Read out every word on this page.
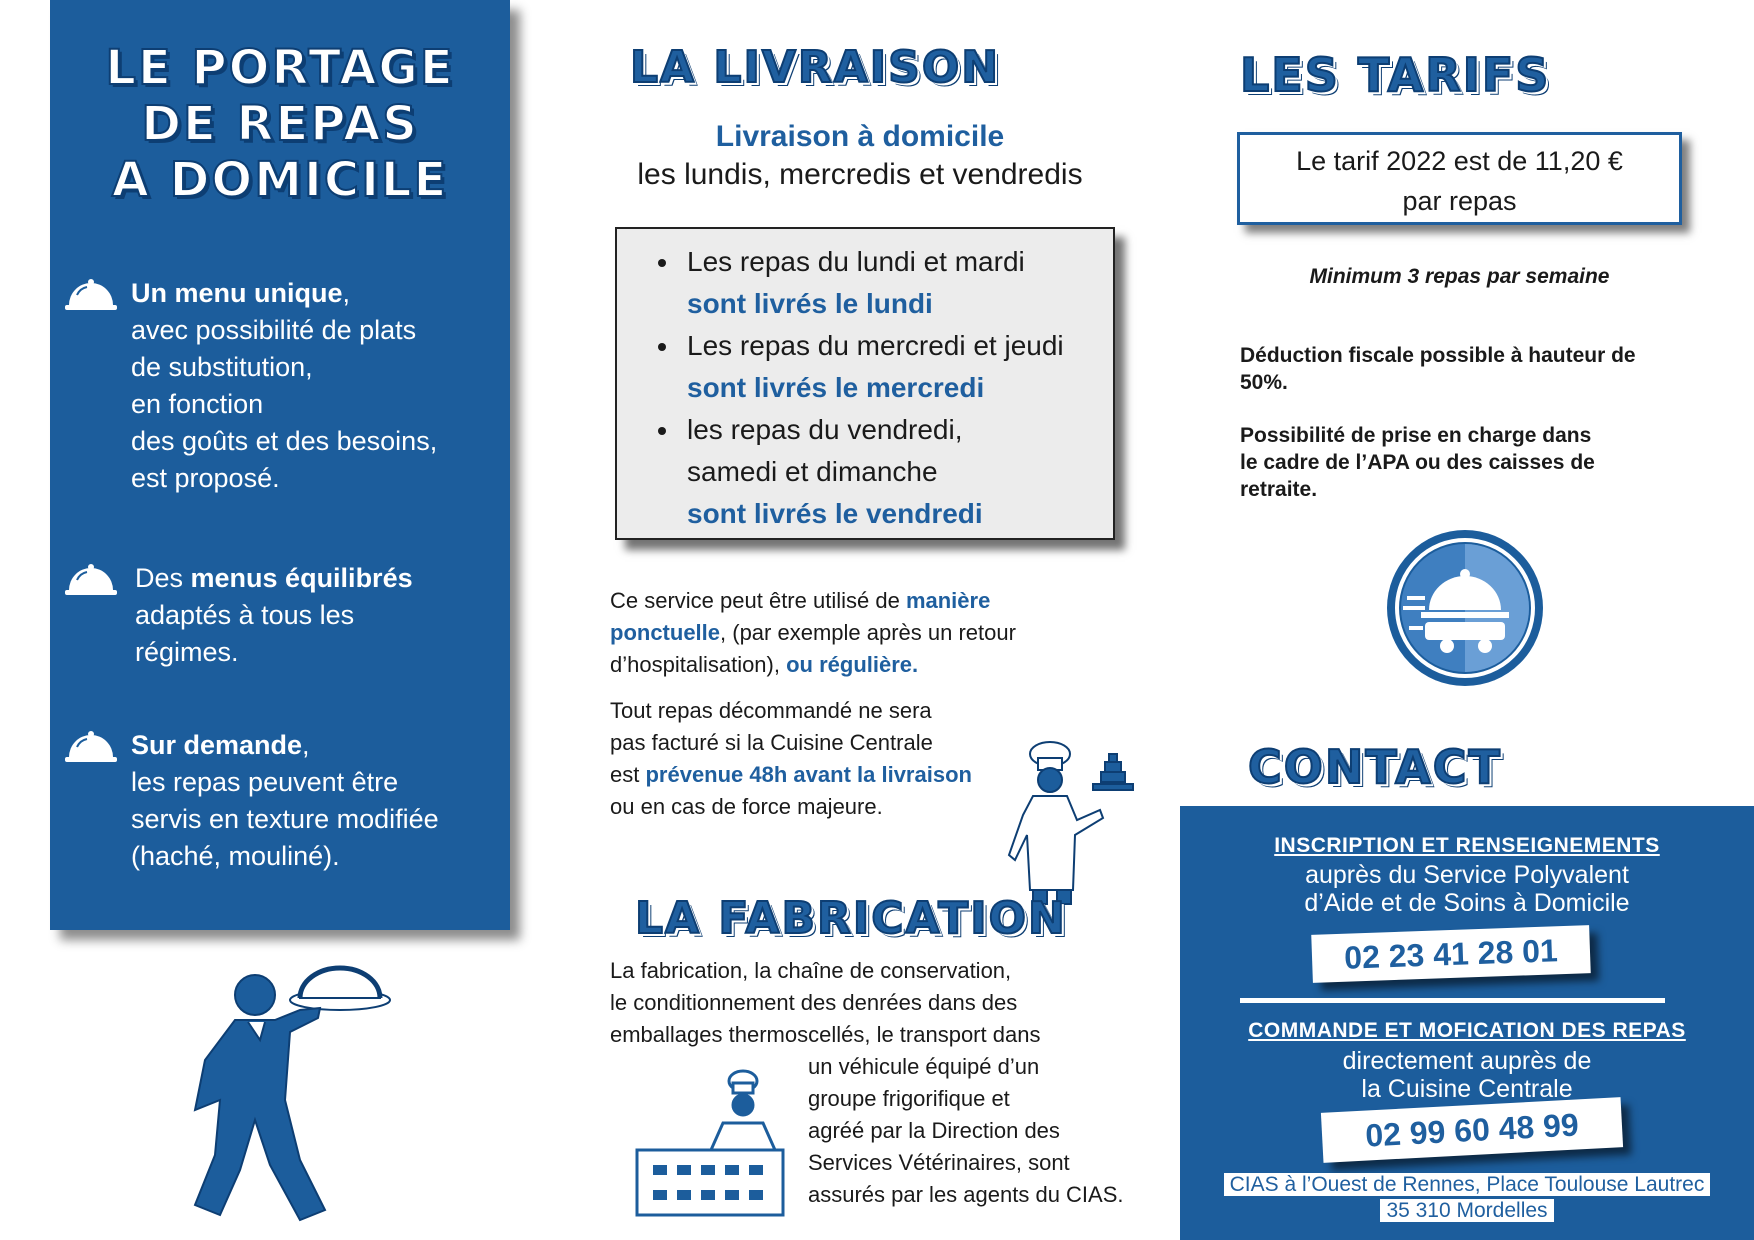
LE PORTAGE
DE REPAS
A DOMICILE
Un menu unique,
avec possibilité de plats
de substitution,
en fonction
des goûts et des besoins,
est proposé.
Des menus équilibrés
adaptés à tous les
régimes.
Sur demande,
les repas peuvent être
servis en texture modifiée
(haché, mouliné).
LA LIVRAISON
Livraison à domicile
les lundis, mercredis et vendredis
• Les repas du lundi et mardi
sont livrés le lundi
• Les repas du mercredi et jeudi
sont livrés le mercredi
• les repas du vendredi,
samedi et dimanche
sont livrés le vendredi
Ce service peut être utilisé de manière
ponctuelle, (par exemple après un retour
d’hospitalisation), ou régulière.
Tout repas décommandé ne sera
pas facturé si la Cuisine Centrale
est prévenue 48h avant la livraison
ou en cas de force majeure.
LA FABRICATION
La fabrication, la chaîne de conservation,
le conditionnement des denrées dans des
emballages thermoscellés, le transport dans
un véhicule équipé d’un
groupe frigorifique et
agréé par la Direction des
Services Vétérinaires, sont
assurés par les agents du CIAS.
LES TARIFS
Le tarif 2022 est de 11,20 €
par repas
Minimum 3 repas par semaine
Déduction fiscale possible à hauteur de
50%.
Possibilité de prise en charge dans
le cadre de l’APA ou des caisses de
retraite.
CONTACT
INSCRIPTION ET RENSEIGNEMENTS
auprès du Service Polyvalent
d’Aide et de Soins à Domicile
02 23 41 28 01
COMMANDE ET MOFICATION DES REPAS
directement auprès de
la Cuisine Centrale
02 99 60 48 99
CIAS à l’Ouest de Rennes, Place Toulouse Lautrec
35 310 Mordelles
